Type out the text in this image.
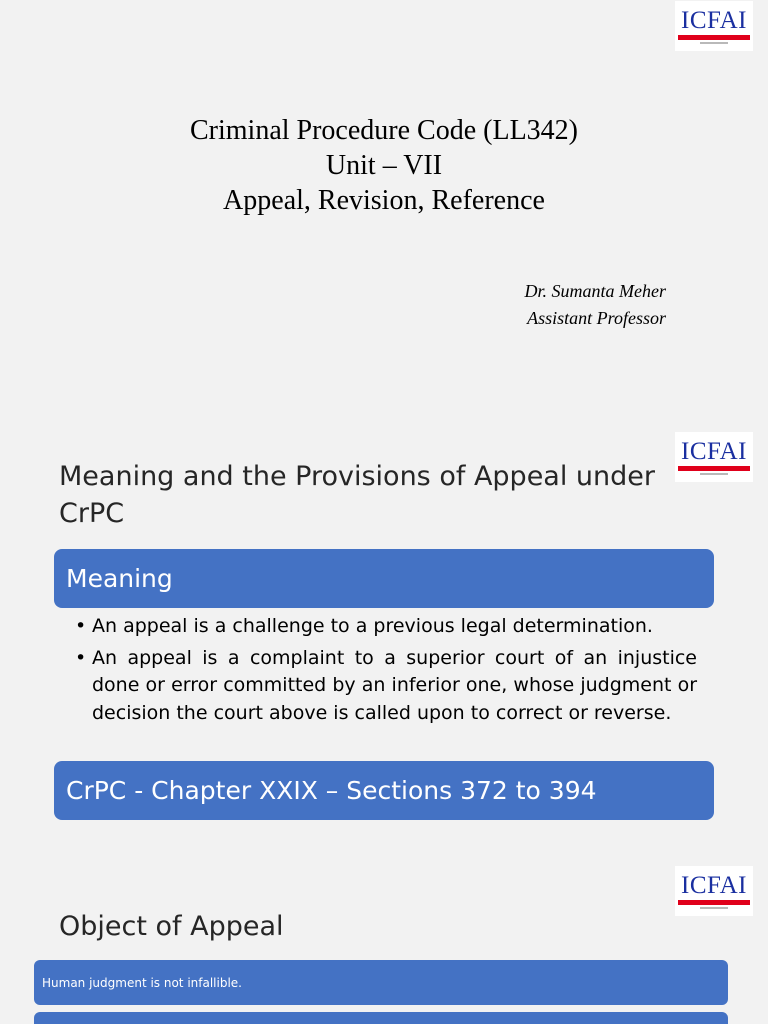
ICFAI
Criminal Procedure Code (LL342)
Unit – VII
Appeal, Revision, Reference
Dr. Sumanta Meher
Assistant Professor
ICFAI
Meaning and the Provisions of Appeal under CrPC
Meaning
• An appeal is a challenge to a previous legal determination.
• An appeal is a complaint to a superior court of an injustice done or error committed by an inferior one, whose judgment or decision the court above is called upon to correct or reverse.
CrPC - Chapter XXIX – Sections 372 to 394
ICFAI
Object of Appeal
Human judgment is not infallible.
